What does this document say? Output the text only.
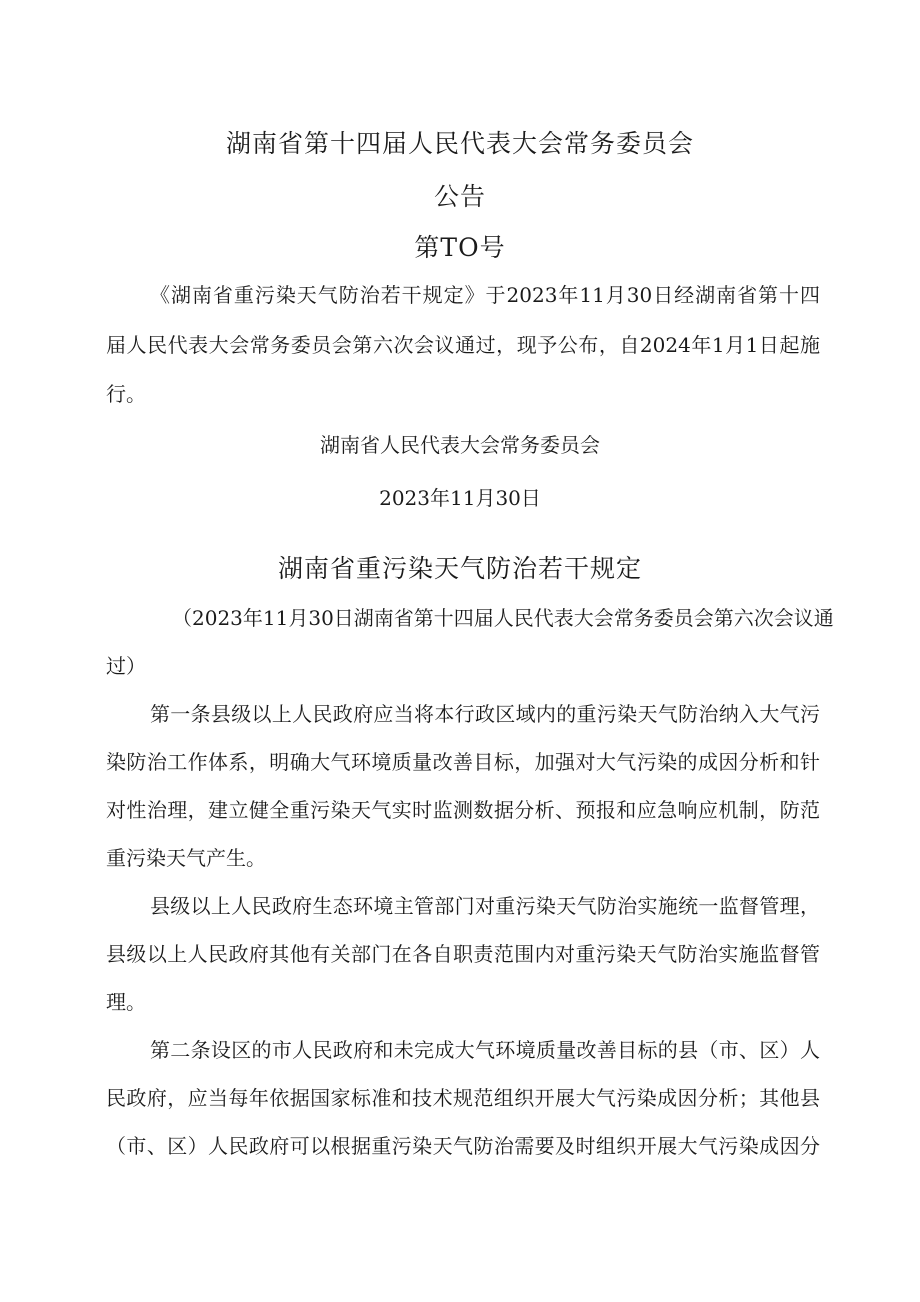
湖南省第十四届人民代表大会常务委员会
公告
第TO号
《湖南省重污染天气防治若干规定》于2023年11月30日经湖南省第十四
届人民代表大会常务委员会第六次会议通过，现予公布，自2024年1月1日起施
行。
湖南省人民代表大会常务委员会
2023年11月30日
湖南省重污染天气防治若干规定
（2023年11月30日湖南省第十四届人民代表大会常务委员会第六次会议通
过）
第一条县级以上人民政府应当将本行政区域内的重污染天气防治纳入大气污
染防治工作体系，明确大气环境质量改善目标，加强对大气污染的成因分析和针
对性治理，建立健全重污染天气实时监测数据分析、预报和应急响应机制，防范
重污染天气产生。
县级以上人民政府生态环境主管部门对重污染天气防治实施统一监督管理，
县级以上人民政府其他有关部门在各自职责范围内对重污染天气防治实施监督管
理。
第二条设区的市人民政府和未完成大气环境质量改善目标的县（市、区）人
民政府，应当每年依据国家标准和技术规范组织开展大气污染成因分析；其他县
（市、区）人民政府可以根据重污染天气防治需要及时组织开展大气污染成因分
